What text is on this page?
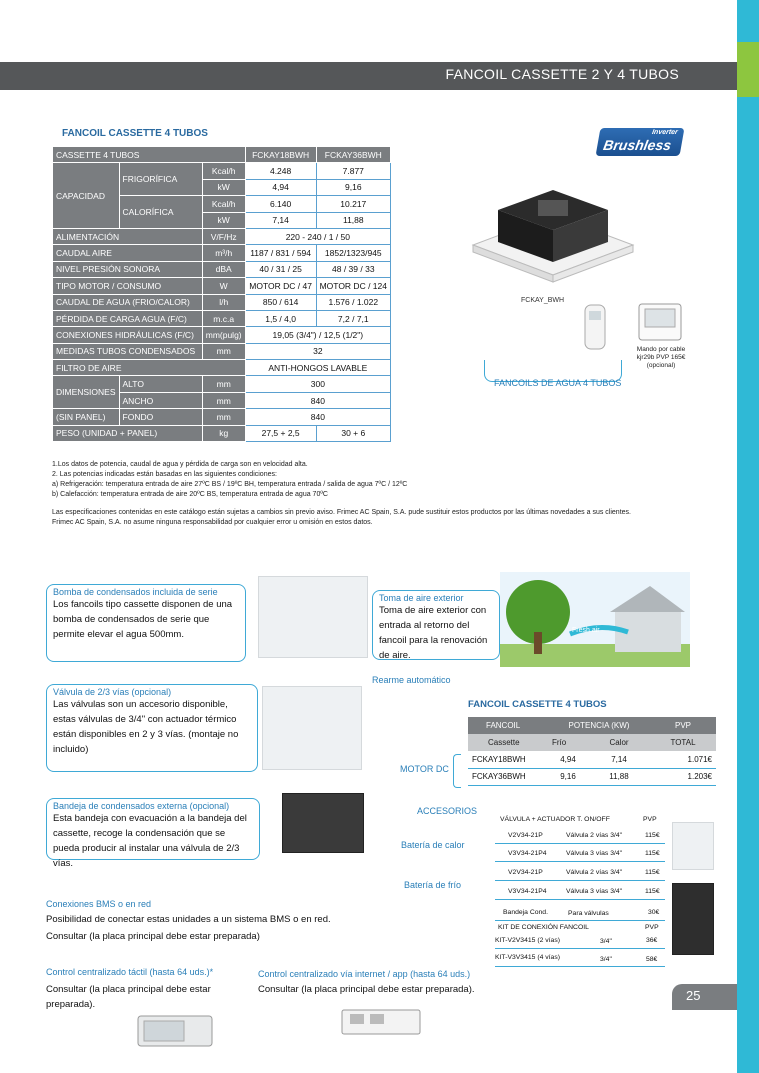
FANCOIL CASSETTE 2 Y 4 TUBOS
FANCOIL CASSETTE 4 TUBOS
CASSETTE 4 TUBOS			FCKAY18BWH	FCKAY36BWH
CAPACIDAD	FRIGORÍFICA	Kcal/h	4.248	7.877
		kW	4,94	9,16
	CALORÍFICA	Kcal/h	6.140	10.217
		kW	7,14	11,88
ALIMENTACIÓN		V/F/Hz	220 - 240 / 1 / 50	
CAUDAL AIRE		m³/h	1187 / 831 / 594	1852/1323/945
NIVEL PRESIÓN SONORA		dBA	40 / 31 / 25	48 / 39 / 33
TIPO MOTOR / CONSUMO		W	MOTOR DC / 47	MOTOR DC / 124
CAUDAL DE AGUA (FRIO/CALOR)		l/h	850 / 614	1.576 / 1.022
PÉRDIDA DE CARGA AGUA (F/C)		m.c.a	1,5 / 4,0	7,2 / 7,1
CONEXIONES HIDRÁULICAS (F/C)		mm(pulg)	19,05 (3/4") / 12,5 (1/2")	
MEDIDAS TUBOS CONDENSADOS		mm	32	
FILTRO DE AIRE			ANTI-HONGOS LAVABLE	
DIMENSIONES	ALTO	mm	300	
	ANCHO	mm	840	
(SIN PANEL)	FONDO	mm	840	
PESO (UNIDAD + PANEL)		kg	27,5 + 2,5	30 + 6
Inverter
Brushless
FCKAY_BWH
Mando por cable
kjr29b PVP 165€
(opcional)
FANCOILS DE AGUA 4 TUBOS
1.Los datos de potencia, caudal de agua y pérdida de carga son en velocidad alta.
2. Las potencias indicadas están basadas en las siguientes condiciones:
a) Refrigeración: temperatura entrada de aire 27ºC BS / 19ºC BH, temperatura entrada / salida de agua 7ºC / 12ºC
b) Calefacción: temperatura entrada de aire 20ºC BS, temperatura entrada de agua 70ºC
Las especificaciones contenidas en este catálogo están sujetas a cambios sin previo aviso. Frimec AC Spain, S.A. pude sustituir estos productos por las últimas novedades a sus clientes.
Frimec AC Spain, S.A. no asume ninguna responsabilidad por cualquier error u omisión en estos datos.
Bomba de condensados incluida de serie
Los fancoils tipo cassette disponen de una bomba de condensados de serie que permite elevar el agua 500mm.
Toma de aire exterior
Toma de aire exterior con entrada al retorno del fancoil para la renovación de aire.
Fresh air
Rearme automático
Válvula de 2/3 vías (opcional)
Las válvulas son un accesorio disponible, estas válvulas de 3/4" con actuador térmico están disponibles en 2 y 3 vías. (montaje no incluido)
FANCOIL CASSETTE 4 TUBOS
MOTOR DC
FANCOIL	POTENCIA (KW)		PVP
Cassette	Frío	Calor	TOTAL
FCKAY18BWH	4,94	7,14	1.071€
FCKAY36BWH	9,16	11,88	1.203€
Bandeja de condensados externa (opcional)
Esta bandeja con evacuación a la bandeja del cassette, recoge la condensación que se pueda producir al instalar una válvula de 2/3 vías.
ACCESORIOS
VÁLVULA + ACTUADOR T. ON/OFF	PVP
Batería de calor
Batería de frío
V2V34-21P	Válvula 2 vías 3/4"	115€
V3V34-21P4	Válvula 3 vías 3/4"	115€
V2V34-21P	Válvula 2 vías 3/4"	115€
V3V34-21P4	Válvula 3 vías 3/4"	115€
Bandeja Cond.	Para válvulas	30€
KIT DE CONEXIÓN FANCOIL	PVP
KIT-V2V3415 (2 vías)	3/4"	36€
KIT-V3V3415 (4 vías)	3/4"	58€
Conexiones BMS o en red
Posibilidad de conectar estas unidades a un sistema BMS o en red.
Consultar (la placa principal debe estar preparada)
Control centralizado táctil (hasta 64 uds.)*
Consultar (la placa principal debe estar preparada).
Control centralizado vía internet / app (hasta 64 uds.)
Consultar (la placa principal debe estar preparada).	25
